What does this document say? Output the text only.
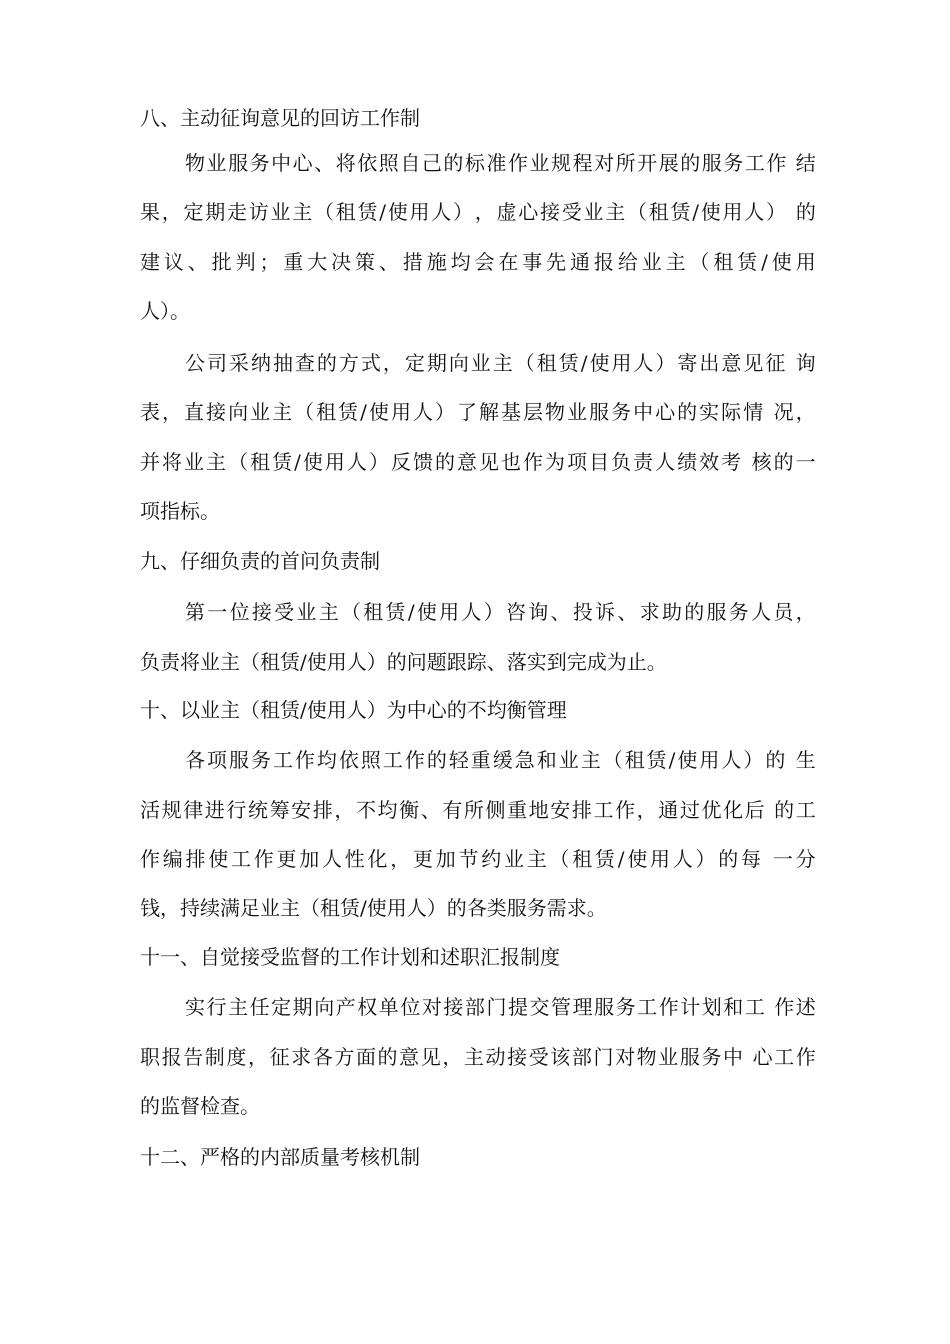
八、主动征询意见的回访工作制

物 业 服 务 中 心 、 将 依 照 自 己 的 标 准 作 业 规 程 对 所 开 展 的 服 务 工 作
结

果 ， 定 期 走 访 业 主 （ 租 赁 / 使 用 人 ） ， 虚 心 接 受 业 主 （ 租 赁 / 使 用 人 ）
的

建 议 、 批 判 ； 重 大 决 策 、 措 施 均 会 在 事 先 通 报 给 业 主 （ 租 赁 / 使 用

人）。

公 司 采 纳 抽 查 的 方 式 ， 定 期 向 业 主 （ 租 赁 / 使 用 人 ） 寄 出 意 见 征
询

表 ， 直 接 向 业 主 （ 租 赁 / 使 用 人 ） 了 解 基 层 物 业 服 务 中 心 的 实 际 情
况 ，

并 将 业 主 （ 租 赁 / 使 用 人 ） 反 馈 的 意 见 也 作 为 项 目 负 责 人 绩 效 考
核 的 一

项指标。

九、仔细负责的首问负责制

第 一 位 接 受 业 主 （ 租 赁 / 使 用 人 ） 咨 询 、 投 诉 、 求 助 的 服 务 人 员 ，

负责将业主（租赁/使用人）的问题跟踪、落实到完成为止。

十、以业主（租赁/使用人）为中心的不均衡管理

各 项 服 务 工 作 均 依 照 工 作 的 轻 重 缓 急 和 业 主 （ 租 赁 / 使 用 人 ） 的
生

活 规 律 进 行 统 筹 安 排 ， 不 均 衡 、 有 所 侧 重 地 安 排 工 作 ， 通 过 优 化 后
的 工

作 编 排 使 工 作 更 加 人 性 化 ， 更 加 节 约 业 主 （ 租 赁 / 使 用 人 ） 的 每
一 分

钱，持续满足业主（租赁/使用人）的各类服务需求。

十一、自觉接受监督的工作计划和述职汇报制度

实 行 主 任 定 期 向 产 权 单 位 对 接 部 门 提 交 管 理 服 务 工 作 计 划 和 工
作 述

职 报 告 制 度 ， 征 求 各 方 面 的 意 见 ， 主 动 接 受 该 部 门 对 物 业 服 务 中
心 工 作

的监督检查。

十二、严格的内部质量考核机制
